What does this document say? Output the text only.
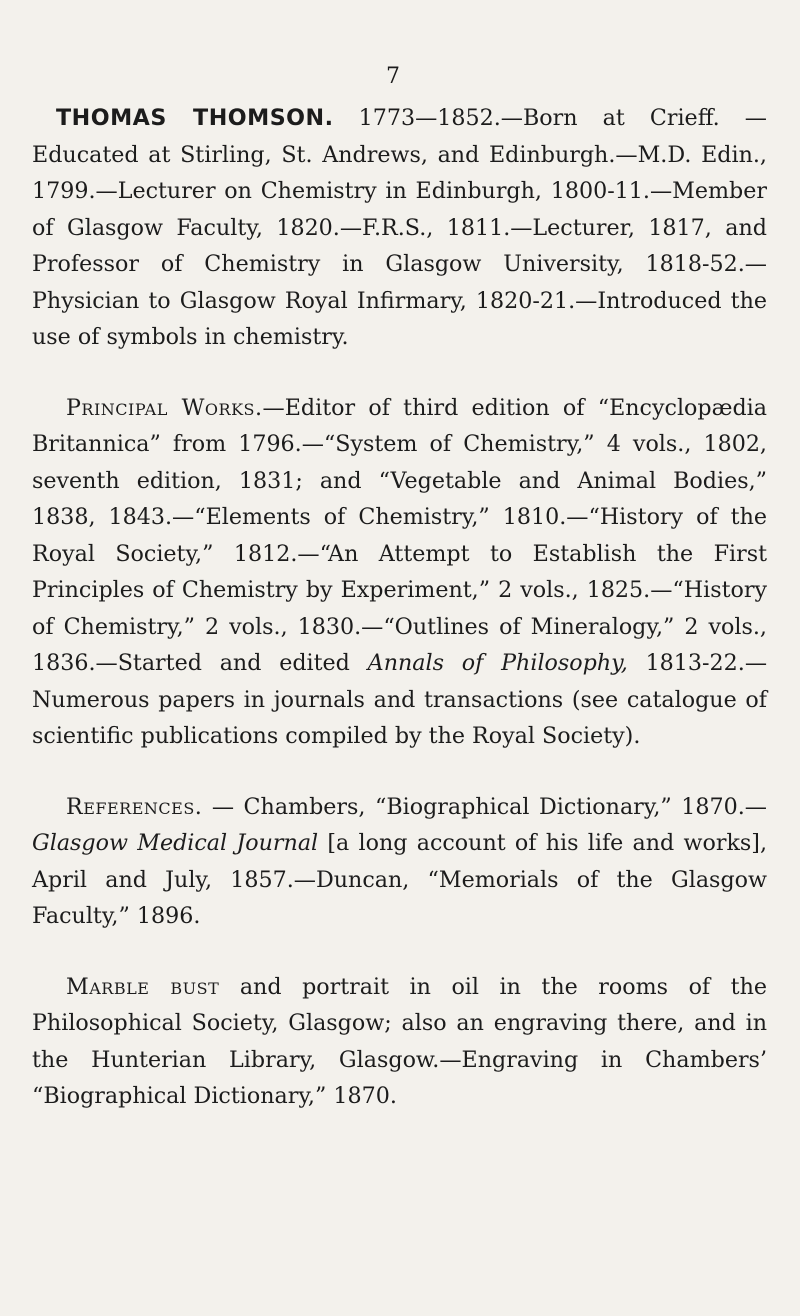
7

THOMAS THOMSON. 1773—1852.—Born at Crieff. —Educated at Stirling, St. Andrews, and Edinburgh.—M.D. Edin., 1799.—Lecturer on Chemistry in Edinburgh, 1800-11.—Member of Glasgow Faculty, 1820.—F.R.S., 1811.—Lecturer, 1817, and Professor of Chemistry in Glasgow University, 1818-52.—Physician to Glasgow Royal Infirmary, 1820-21.—Introduced the use of symbols in chemistry.

Principal Works.—Editor of third edition of “Encyclopædia Britannica” from 1796.—“System of Chemistry,” 4 vols., 1802, seventh edition, 1831; and “Vegetable and Animal Bodies,” 1838, 1843.—“Elements of Chemistry,” 1810.—“History of the Royal Society,” 1812.—“An Attempt to Establish the First Principles of Chemistry by Experiment,” 2 vols., 1825.—“History of Chemistry,” 2 vols., 1830.—“Outlines of Mineralogy,” 2 vols., 1836.—Started and edited Annals of Philosophy, 1813-22.—Numerous papers in journals and transactions (see catalogue of scientific publications compiled by the Royal Society).

References. — Chambers, “Biographical Dictionary,” 1870.—Glasgow Medical Journal [a long account of his life and works], April and July, 1857.—Duncan, “Memorials of the Glasgow Faculty,” 1896.

Marble bust and portrait in oil in the rooms of the Philosophical Society, Glasgow; also an engraving there, and in the Hunterian Library, Glasgow.—Engraving in Chambers’ “Biographical Dictionary,” 1870.
